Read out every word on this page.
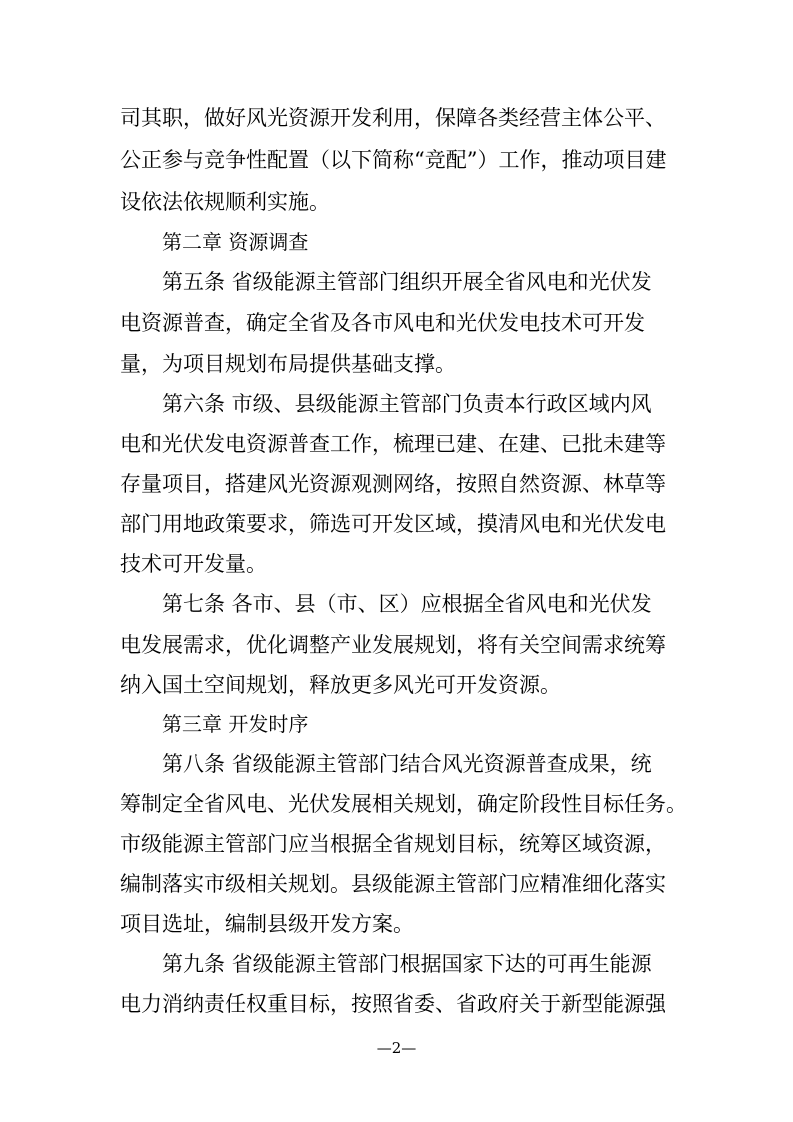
司其职，做好风光资源开发利用，保障各类经营主体公平、
公正参与竞争性配置（以下简称“竞配”）工作，推动项目建
设依法依规顺利实施。
第二章 资源调查
第五条 省级能源主管部门组织开展全省风电和光伏发
电资源普查，确定全省及各市风电和光伏发电技术可开发
量，为项目规划布局提供基础支撑。
第六条 市级、县级能源主管部门负责本行政区域内风
电和光伏发电资源普查工作，梳理已建、在建、已批未建等
存量项目，搭建风光资源观测网络，按照自然资源、林草等
部门用地政策要求，筛选可开发区域，摸清风电和光伏发电
技术可开发量。
第七条 各市、县（市、区）应根据全省风电和光伏发
电发展需求，优化调整产业发展规划，将有关空间需求统筹
纳入国土空间规划，释放更多风光可开发资源。
第三章 开发时序
第八条 省级能源主管部门结合风光资源普查成果，统
筹制定全省风电、光伏发展相关规划，确定阶段性目标任务。
市级能源主管部门应当根据全省规划目标，统筹区域资源，
编制落实市级相关规划。县级能源主管部门应精准细化落实
项目选址，编制县级开发方案。
第九条 省级能源主管部门根据国家下达的可再生能源
电力消纳责任权重目标，按照省委、省政府关于新型能源强
—2—
